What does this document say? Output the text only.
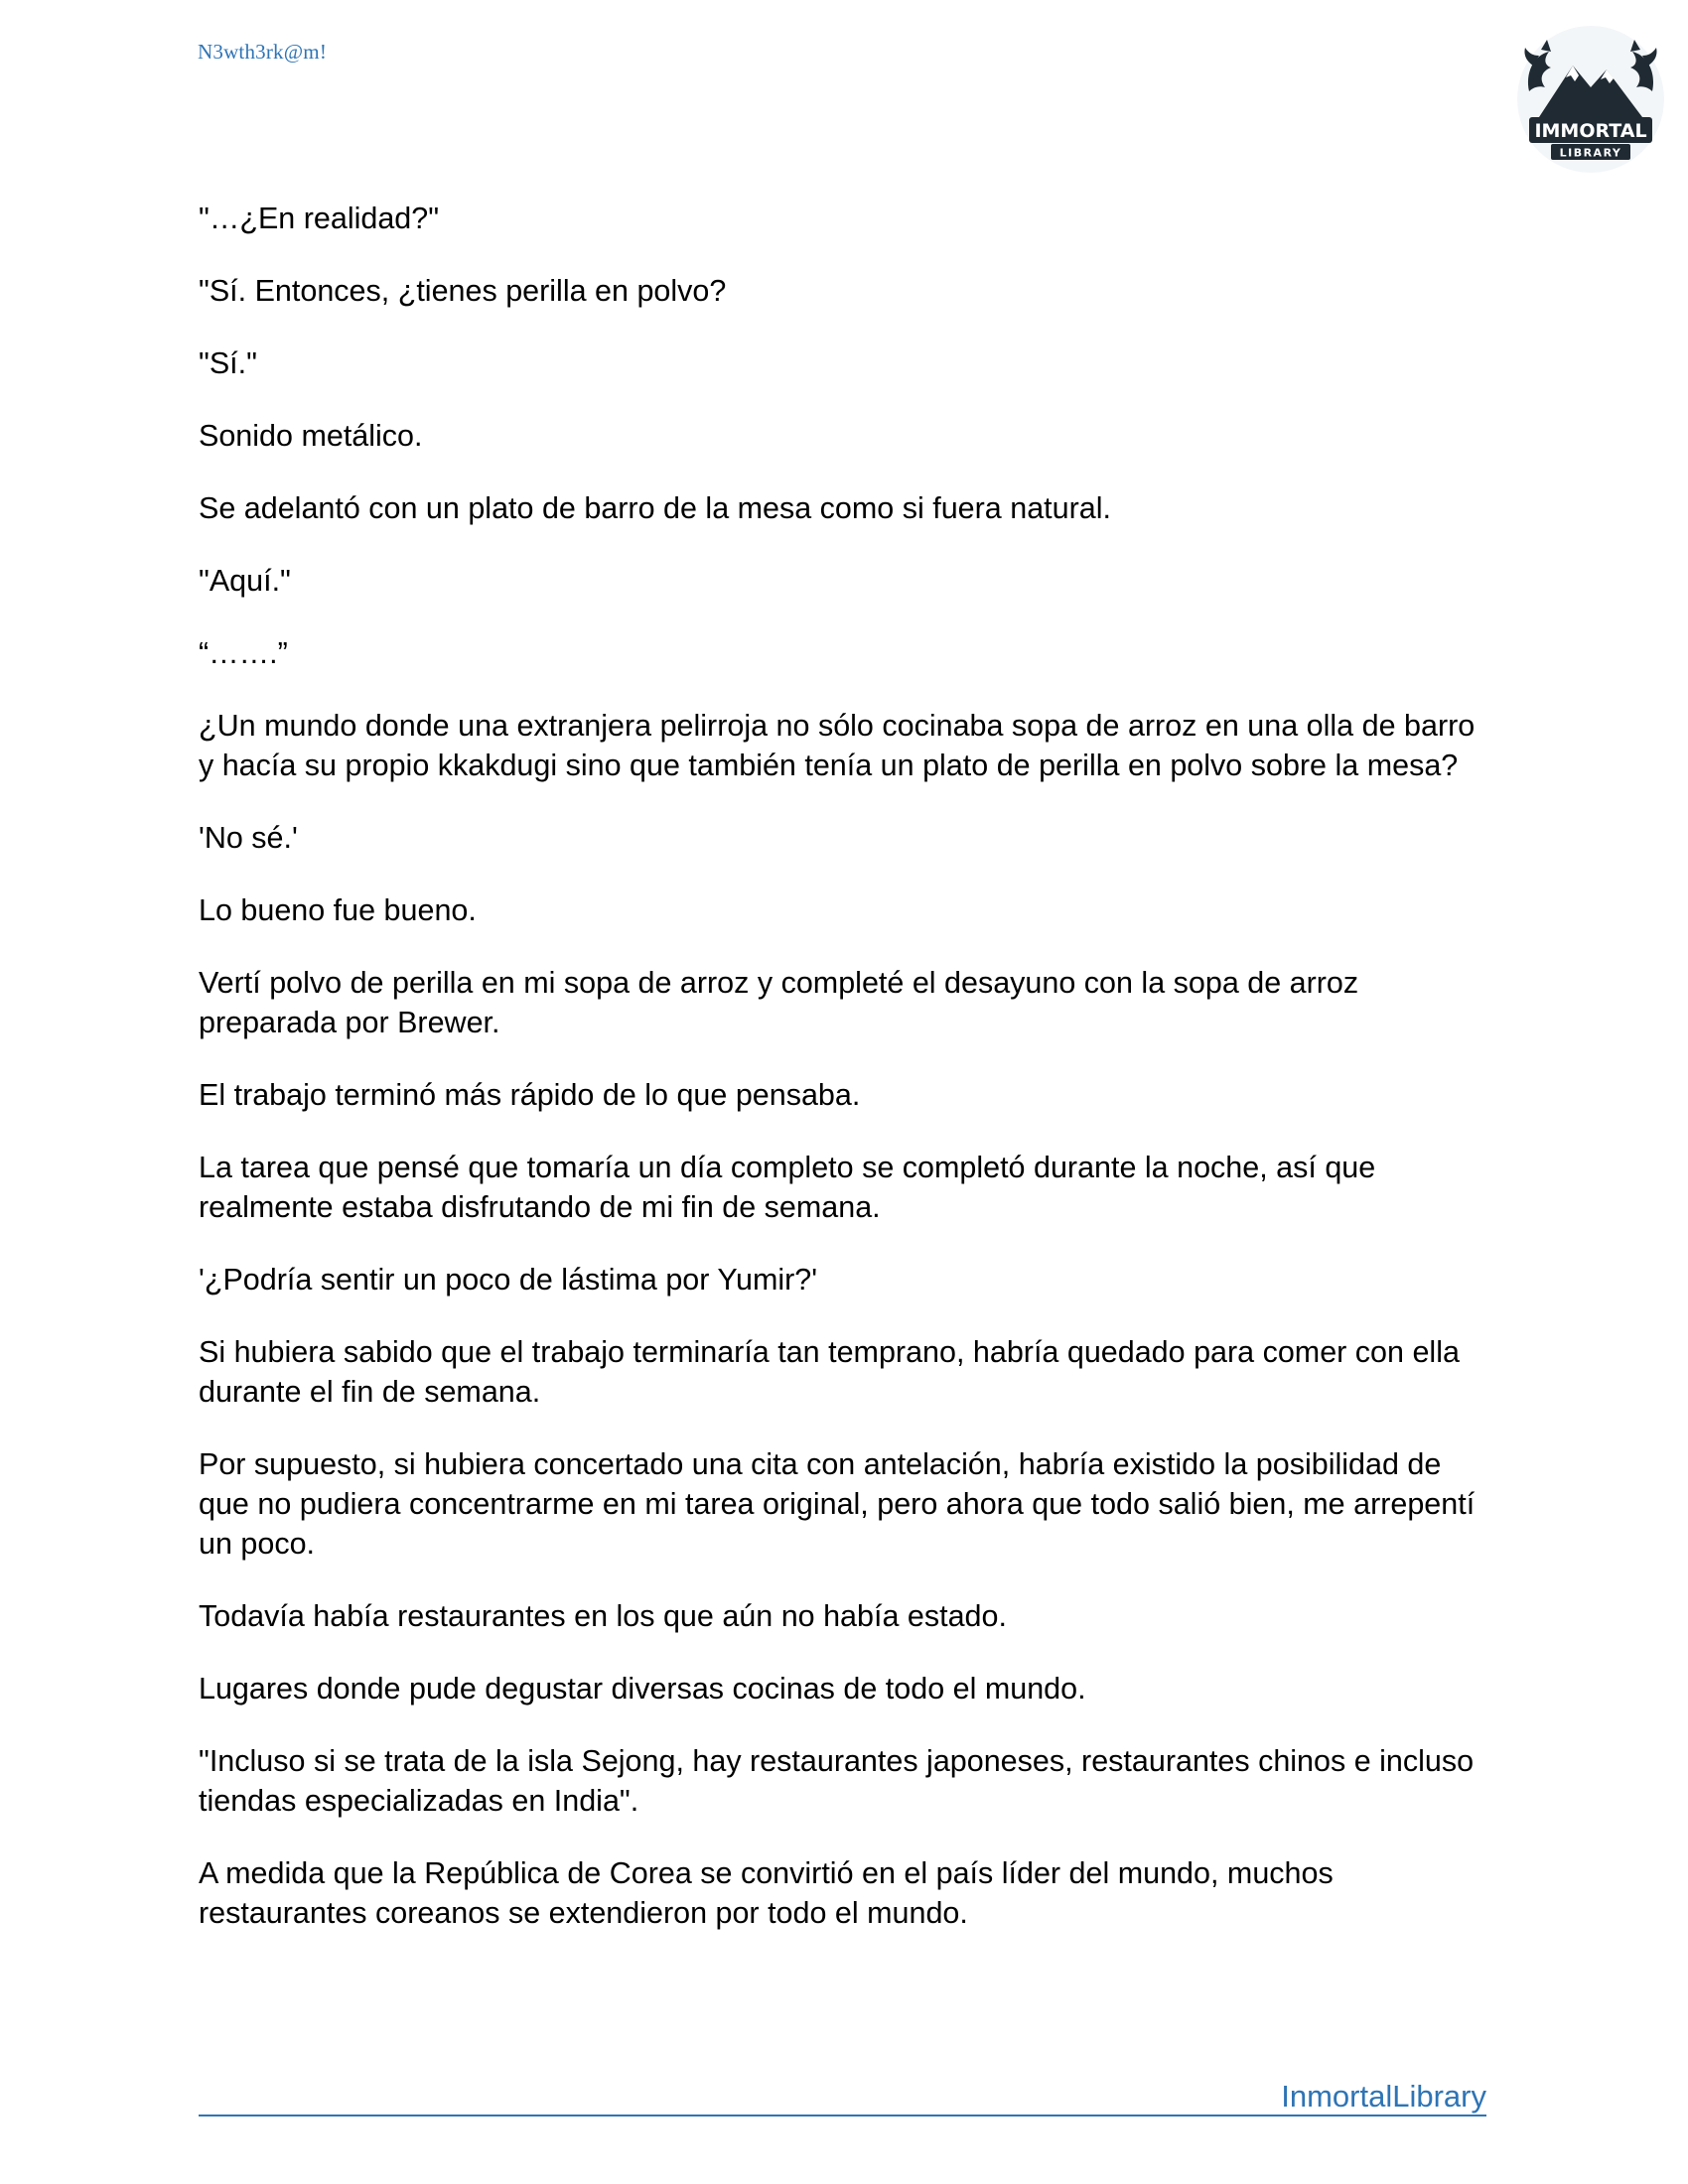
N3wth3rk@m!
IMMORTAL
LIBRARY

"…¿En realidad?"

"Sí. Entonces, ¿tienes perilla en polvo?

"Sí."

Sonido metálico.

Se adelantó con un plato de barro de la mesa como si fuera natural.

"Aquí."

“…….”

¿Un mundo donde una extranjera pelirroja no sólo cocinaba sopa de arroz en una olla de barro y hacía su propio kkakdugi sino que también tenía un plato de perilla en polvo sobre la mesa?

'No sé.'

Lo bueno fue bueno.

Vertí polvo de perilla en mi sopa de arroz y completé el desayuno con la sopa de arroz preparada por Brewer.

El trabajo terminó más rápido de lo que pensaba.

La tarea que pensé que tomaría un día completo se completó durante la noche, así que realmente estaba disfrutando de mi fin de semana.

'¿Podría sentir un poco de lástima por Yumir?'

Si hubiera sabido que el trabajo terminaría tan temprano, habría quedado para comer con ella durante el fin de semana.

Por supuesto, si hubiera concertado una cita con antelación, habría existido la posibilidad de que no pudiera concentrarme en mi tarea original, pero ahora que todo salió bien, me arrepentí un poco.

Todavía había restaurantes en los que aún no había estado.

Lugares donde pude degustar diversas cocinas de todo el mundo.

"Incluso si se trata de la isla Sejong, hay restaurantes japoneses, restaurantes chinos e incluso tiendas especializadas en India".

A medida que la República de Corea se convirtió en el país líder del mundo, muchos restaurantes coreanos se extendieron por todo el mundo.

InmortalLibrary
